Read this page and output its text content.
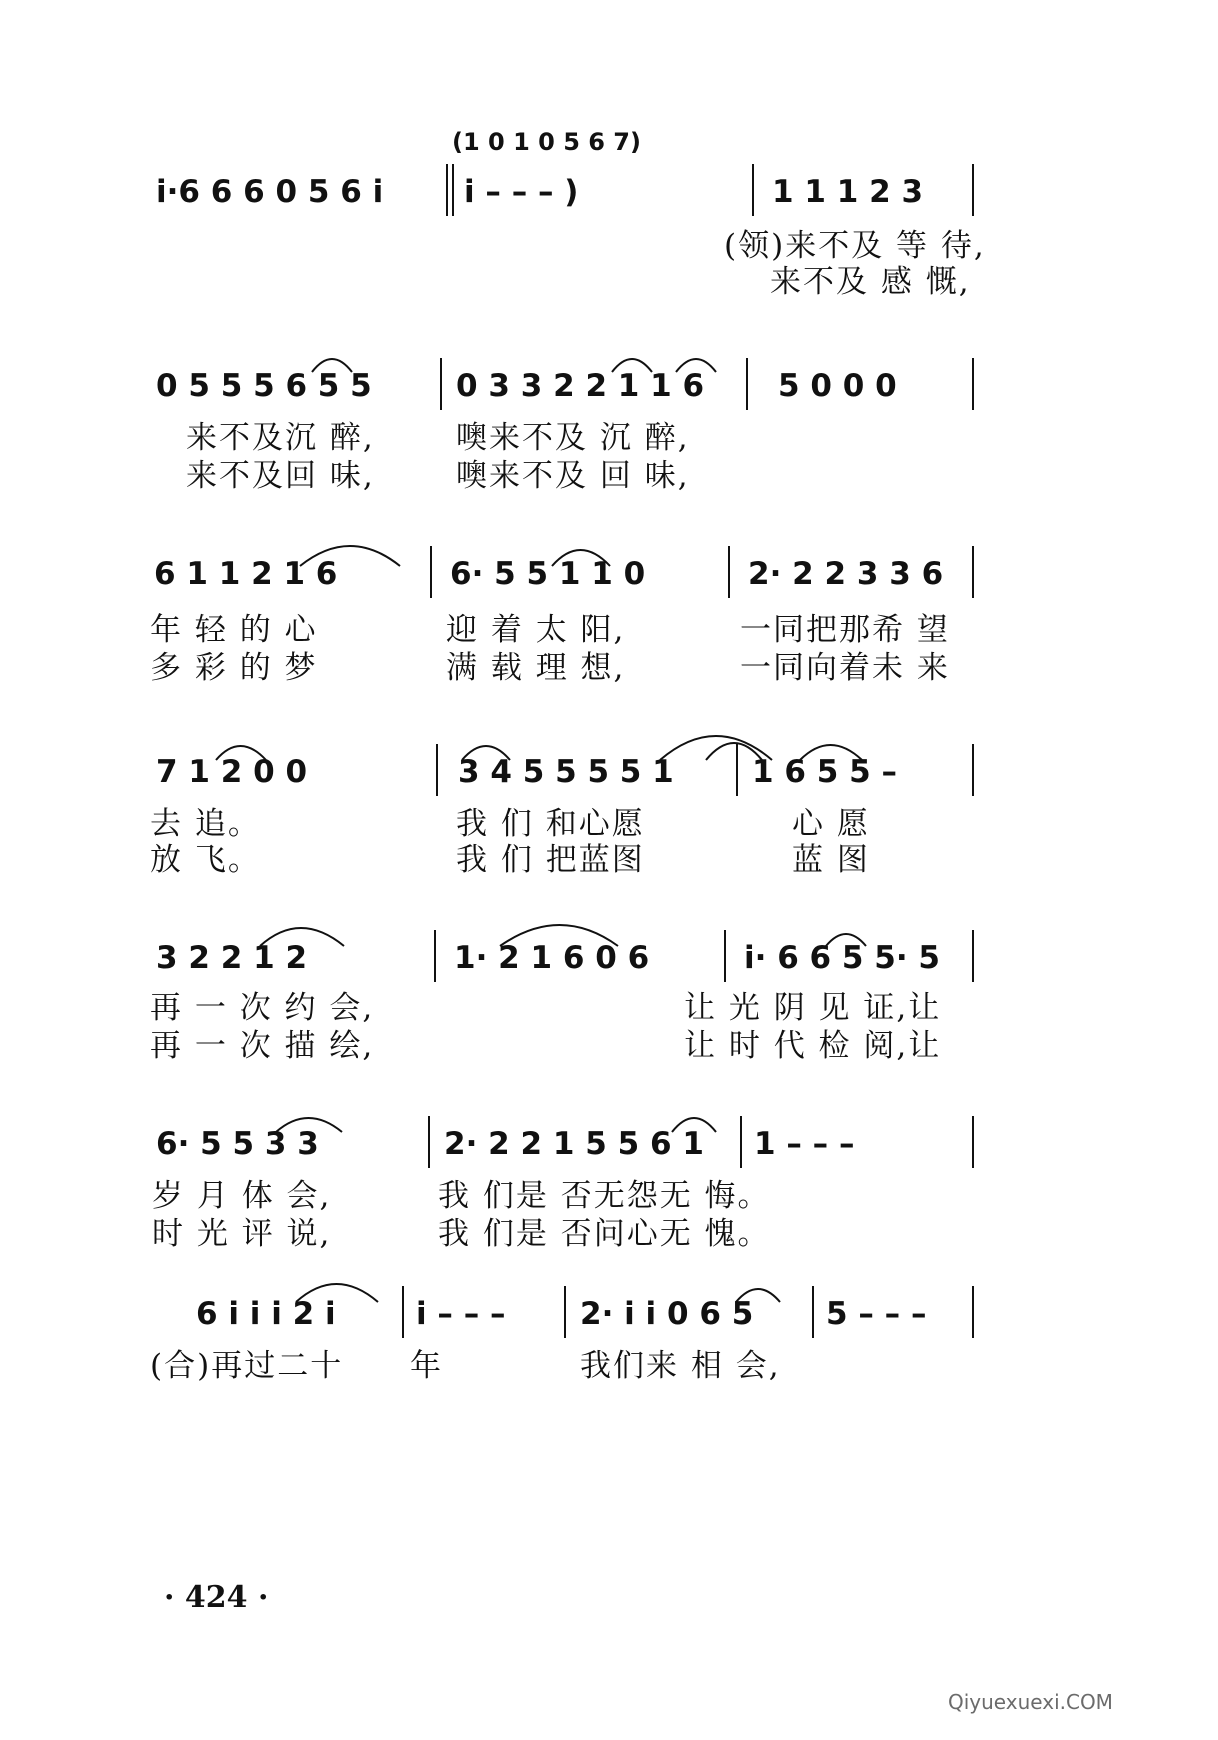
(1 0 1 0 5 6 7)
i·6 6 6 0 5 6 i	i – – – )	1 1 1 2 3
(领)来不及 等 待,
来不及 感 慨,
0 5 5 5 6 5 5	0 3 3 2 2 1 1 6	5 0 0 0
来不及沉 醉,	噢来不及 沉 醉,
来不及回 味,	噢来不及 回 味,
6 1 1 2 1 6	6· 5 5 1 1 0	2· 2 2 3 3 6
年 轻 的 心	迎 着 太 阳,	一同把那希 望
多 彩 的 梦	满 载 理 想,	一同向着未 来
7 1 2 0 0	3 4 5 5 5 5 1	1 6 5 5 –
去 追。	我 们 和心愿	心 愿
放 飞。	我 们 把蓝图	蓝 图
3 2 2 1 2	1· 2 1 6 0 6	i· 6 6 5 5· 5
再 一 次 约 会,	让 光 阴 见 证,让
再 一 次 描 绘,	让 时 代 检 阅,让
6· 5 5 3 3	2· 2 2 1 5 5 6 1	1 – – –
岁 月 体 会,	我 们是 否无怨无 悔。
时 光 评 说,	我 们是 否问心无 愧。
6 i i i 2 i	i – – –	2· i i 0 6 5	5 – – –
(合)再过二十 年	我们来 相 会,
· 424 ·
Qiyuexuexi.COM
